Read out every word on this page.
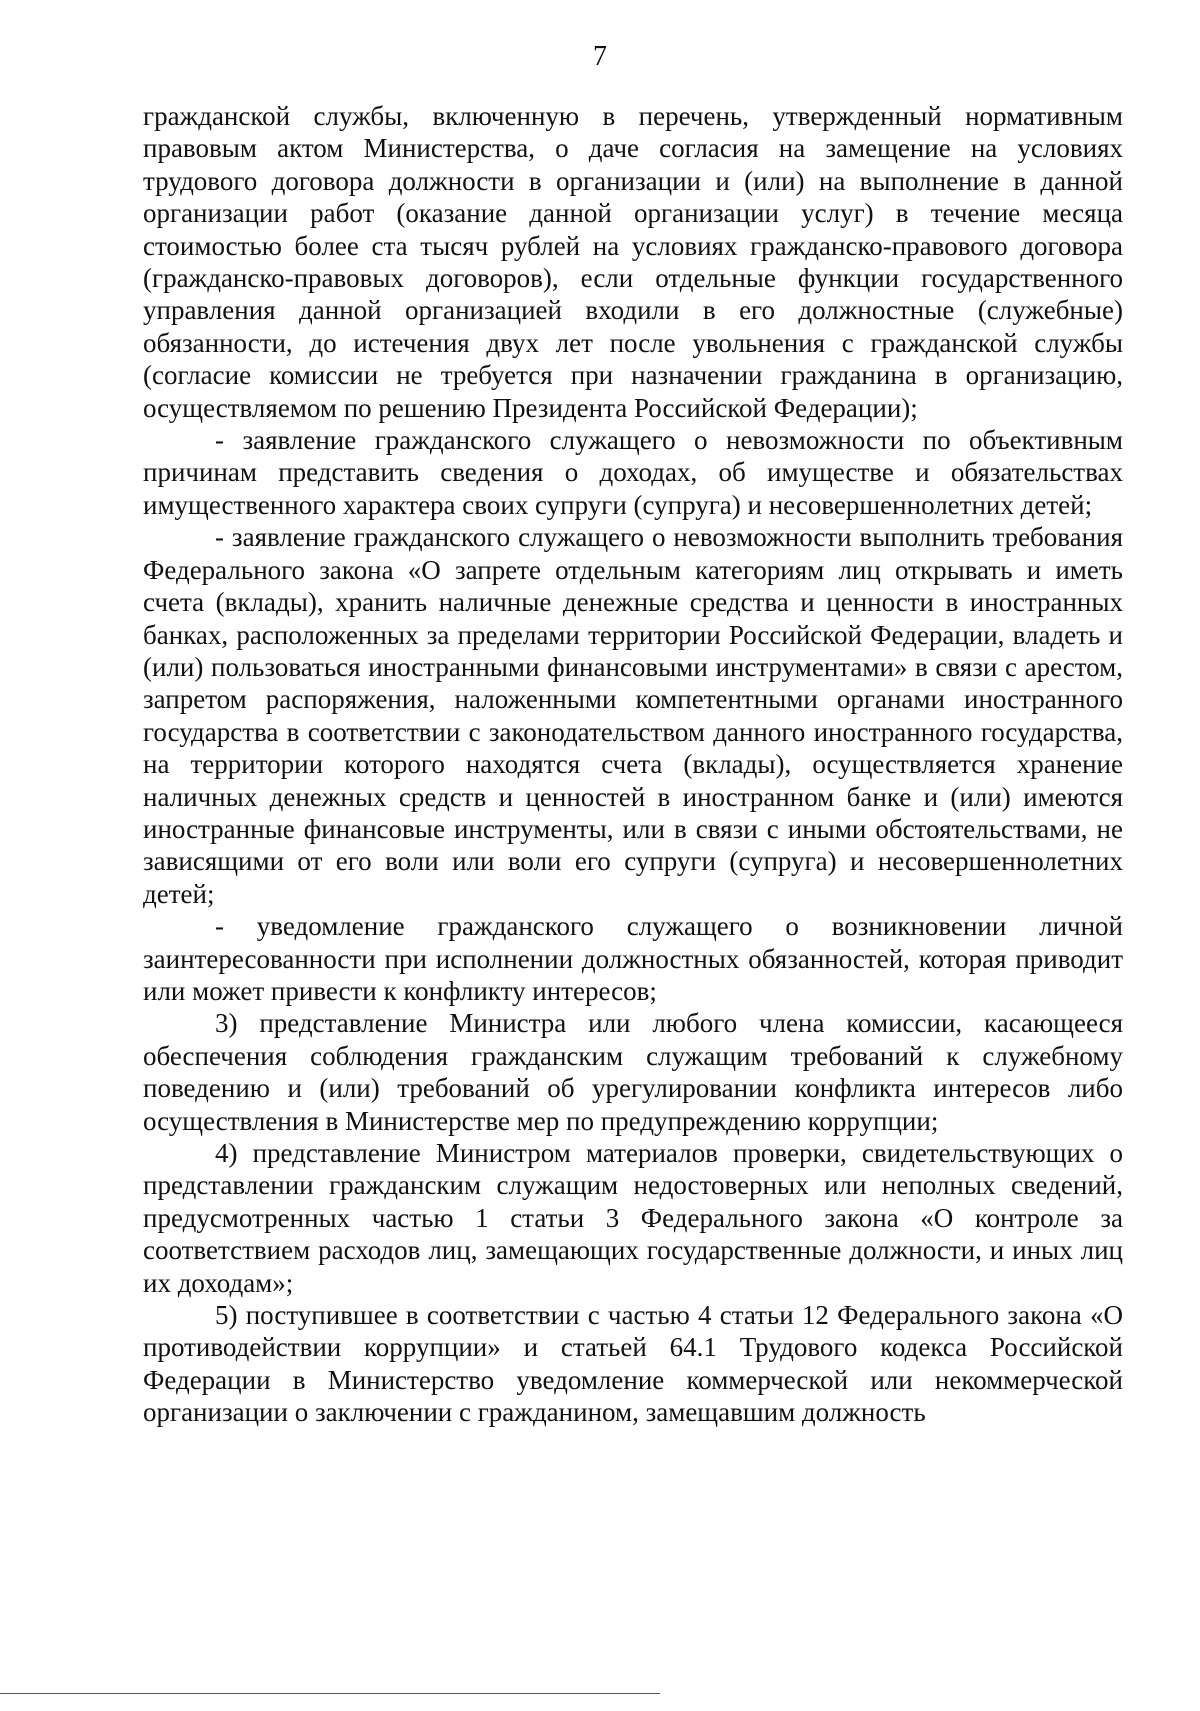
7

гражданской службы, включенную в перечень, утвержденный нормативным правовым актом Министерства, о даче согласия на замещение на условиях трудового договора должности в организации и (или) на выполнение в данной организации работ (оказание данной организации услуг) в течение месяца стоимостью более ста тысяч рублей на условиях гражданско-правового договора (гражданско-правовых договоров), если отдельные функции государственного управления данной организацией входили в его должностные (служебные) обязанности, до истечения двух лет после увольнения с гражданской службы (согласие комиссии не требуется при назначении гражданина в организацию, осуществляемом по решению Президента Российской Федерации);

- заявление гражданского служащего о невозможности по объективным причинам представить сведения о доходах, об имуществе и обязательствах имущественного характера своих супруги (супруга) и несовершеннолетних детей;

- заявление гражданского служащего о невозможности выполнить требования Федерального закона «О запрете отдельным категориям лиц открывать и иметь счета (вклады), хранить наличные денежные средства и ценности в иностранных банках, расположенных за пределами территории Российской Федерации, владеть и (или) пользоваться иностранными финансовыми инструментами» в связи с арестом, запретом распоряжения, наложенными компетентными органами иностранного государства в соответствии с законодательством данного иностранного государства, на территории которого находятся счета (вклады), осуществляется хранение наличных денежных средств и ценностей в иностранном банке и (или) имеются иностранные финансовые инструменты, или в связи с иными обстоятельствами, не зависящими от его воли или воли его супруги (супруга) и несовершеннолетних детей;

- уведомление гражданского служащего о возникновении личной заинтересованности при исполнении должностных обязанностей, которая приводит или может привести к конфликту интересов;

3) представление Министра или любого члена комиссии, касающееся обеспечения соблюдения гражданским служащим требований к служебному поведению и (или) требований об урегулировании конфликта интересов либо осуществления в Министерстве мер по предупреждению коррупции;

4) представление Министром материалов проверки, свидетельствующих о представлении гражданским служащим недостоверных или неполных сведений, предусмотренных частью 1 статьи 3 Федерального закона «О контроле за соответствием расходов лиц, замещающих государственные должности, и иных лиц их доходам»;

5) поступившее в соответствии с частью 4 статьи 12 Федерального закона «О противодействии коррупции» и статьей 64.1 Трудового кодекса Российской Федерации в Министерство уведомление коммерческой или некоммерческой организации о заключении с гражданином, замещавшим должность
